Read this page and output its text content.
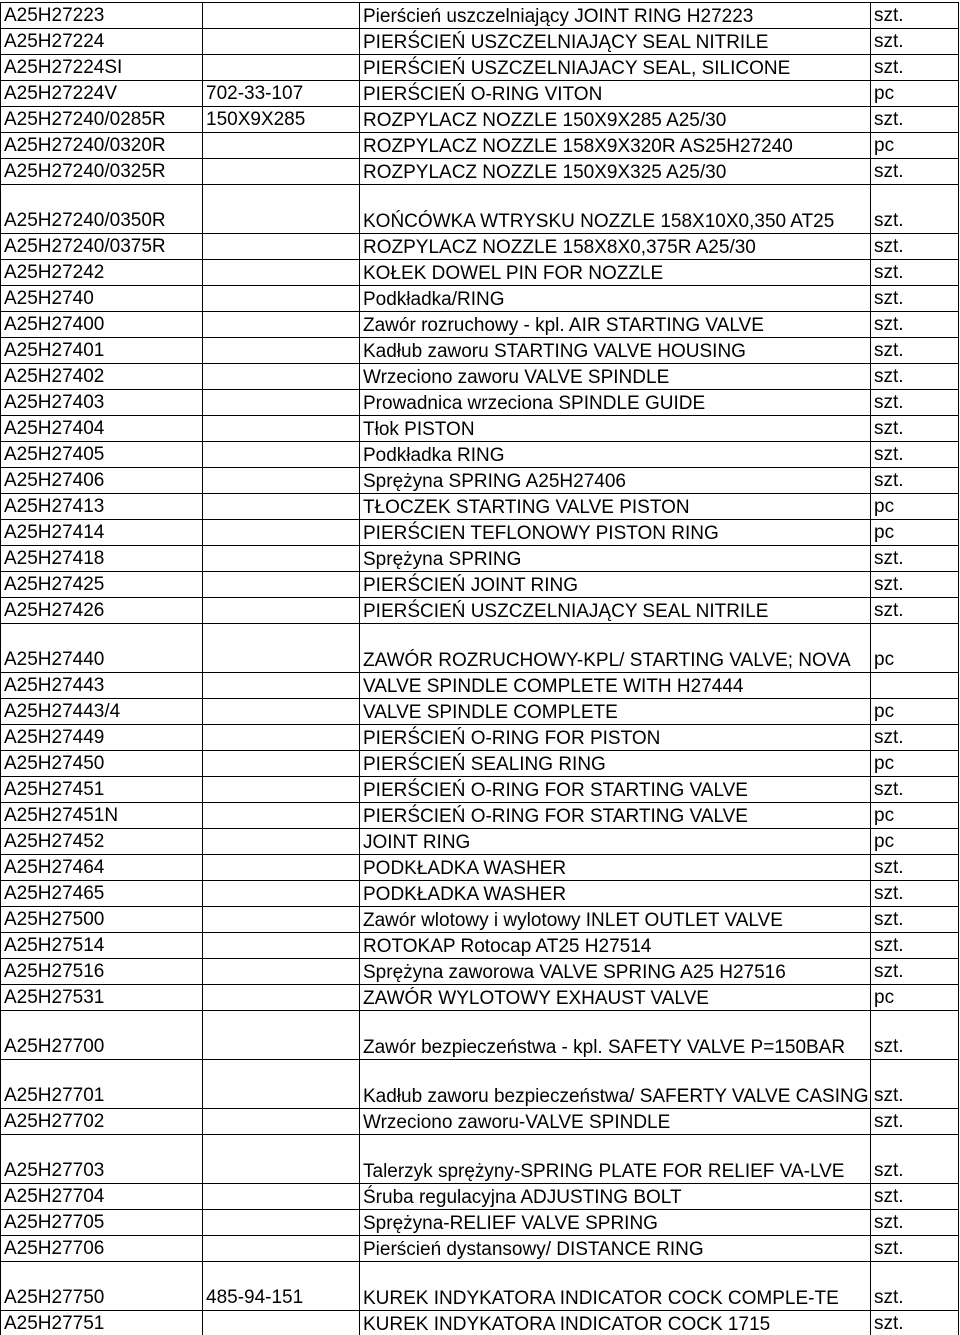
A25H27223		Pierścień uszczelniający JOINT RING H27223	szt.
A25H27224		PIERŚCIEŃ USZCZELNIAJĄCY SEAL NITRILE	szt.
A25H27224SI		PIERŚCIEŃ USZCZELNIAJACY SEAL, SILICONE	szt.
A25H27224V	702-33-107	PIERŚCIEŃ O-RING VITON	pc
A25H27240/0285R	150X9X285	ROZPYLACZ NOZZLE 150X9X285 A25/30	szt.
A25H27240/0320R		ROZPYLACZ NOZZLE 158X9X320R AS25H27240	pc
A25H27240/0325R		ROZPYLACZ NOZZLE 150X9X325 A25/30	szt.
A25H27240/0350R		KOŃCÓWKA WTRYSKU NOZZLE 158X10X0,350 AT25	szt.
A25H27240/0375R		ROZPYLACZ NOZZLE 158X8X0,375R A25/30	szt.
A25H27242		KOŁEK DOWEL PIN FOR NOZZLE	szt.
A25H2740		Podkładka/RING	szt.
A25H27400		Zawór rozruchowy - kpl. AIR STARTING VALVE	szt.
A25H27401		Kadłub zaworu STARTING VALVE HOUSING	szt.
A25H27402		Wrzeciono zaworu VALVE SPINDLE	szt.
A25H27403		Prowadnica wrzeciona SPINDLE GUIDE	szt.
A25H27404		Tłok PISTON	szt.
A25H27405		Podkładka RING	szt.
A25H27406		Sprężyna SPRING A25H27406	szt.
A25H27413		TŁOCZEK STARTING VALVE PISTON	pc
A25H27414		PIERŚCIEN TEFLONOWY PISTON RING	pc
A25H27418		Sprężyna SPRING	szt.
A25H27425		PIERŚCIEŃ JOINT RING	szt.
A25H27426		PIERŚCIEŃ USZCZELNIAJĄCY SEAL NITRILE	szt.
A25H27440		ZAWÓR ROZRUCHOWY-KPL/ STARTING VALVE; NOVA	pc
A25H27443		VALVE SPINDLE COMPLETE WITH H27444	
A25H27443/4		VALVE SPINDLE COMPLETE	pc
A25H27449		PIERŚCIEŃ O-RING FOR PISTON	szt.
A25H27450		PIERŚCIEŃ SEALING RING	pc
A25H27451		PIERŚCIEŃ O-RING FOR STARTING VALVE	szt.
A25H27451N		PIERŚCIEŃ O-RING FOR STARTING VALVE	pc
A25H27452		JOINT RING	pc
A25H27464		PODKŁADKA WASHER	szt.
A25H27465		PODKŁADKA WASHER	szt.
A25H27500		Zawór wlotowy i wylotowy INLET OUTLET VALVE	szt.
A25H27514		ROTOKAP Rotocap AT25 H27514	szt.
A25H27516		Sprężyna zaworowa VALVE SPRING A25 H27516	szt.
A25H27531		ZAWÓR WYLOTOWY EXHAUST VALVE	pc
A25H27700		Zawór bezpieczeństwa - kpl. SAFETY VALVE P=150BAR	szt.
A25H27701		Kadłub zaworu bezpieczeństwa/ SAFERTY VALVE CASING	szt.
A25H27702		Wrzeciono zaworu-VALVE SPINDLE	szt.
A25H27703		Talerzyk sprężyny-SPRING PLATE FOR RELIEF VA-LVE	szt.
A25H27704		Śruba regulacyjna ADJUSTING BOLT	szt.
A25H27705		Sprężyna-RELIEF VALVE SPRING	szt.
A25H27706		Pierścień dystansowy/ DISTANCE RING	szt.
A25H27750	485-94-151	KUREK INDYKATORA INDICATOR COCK COMPLE-TE	szt.
A25H27751		KUREK INDYKATORA INDICATOR COCK 1715	szt.
